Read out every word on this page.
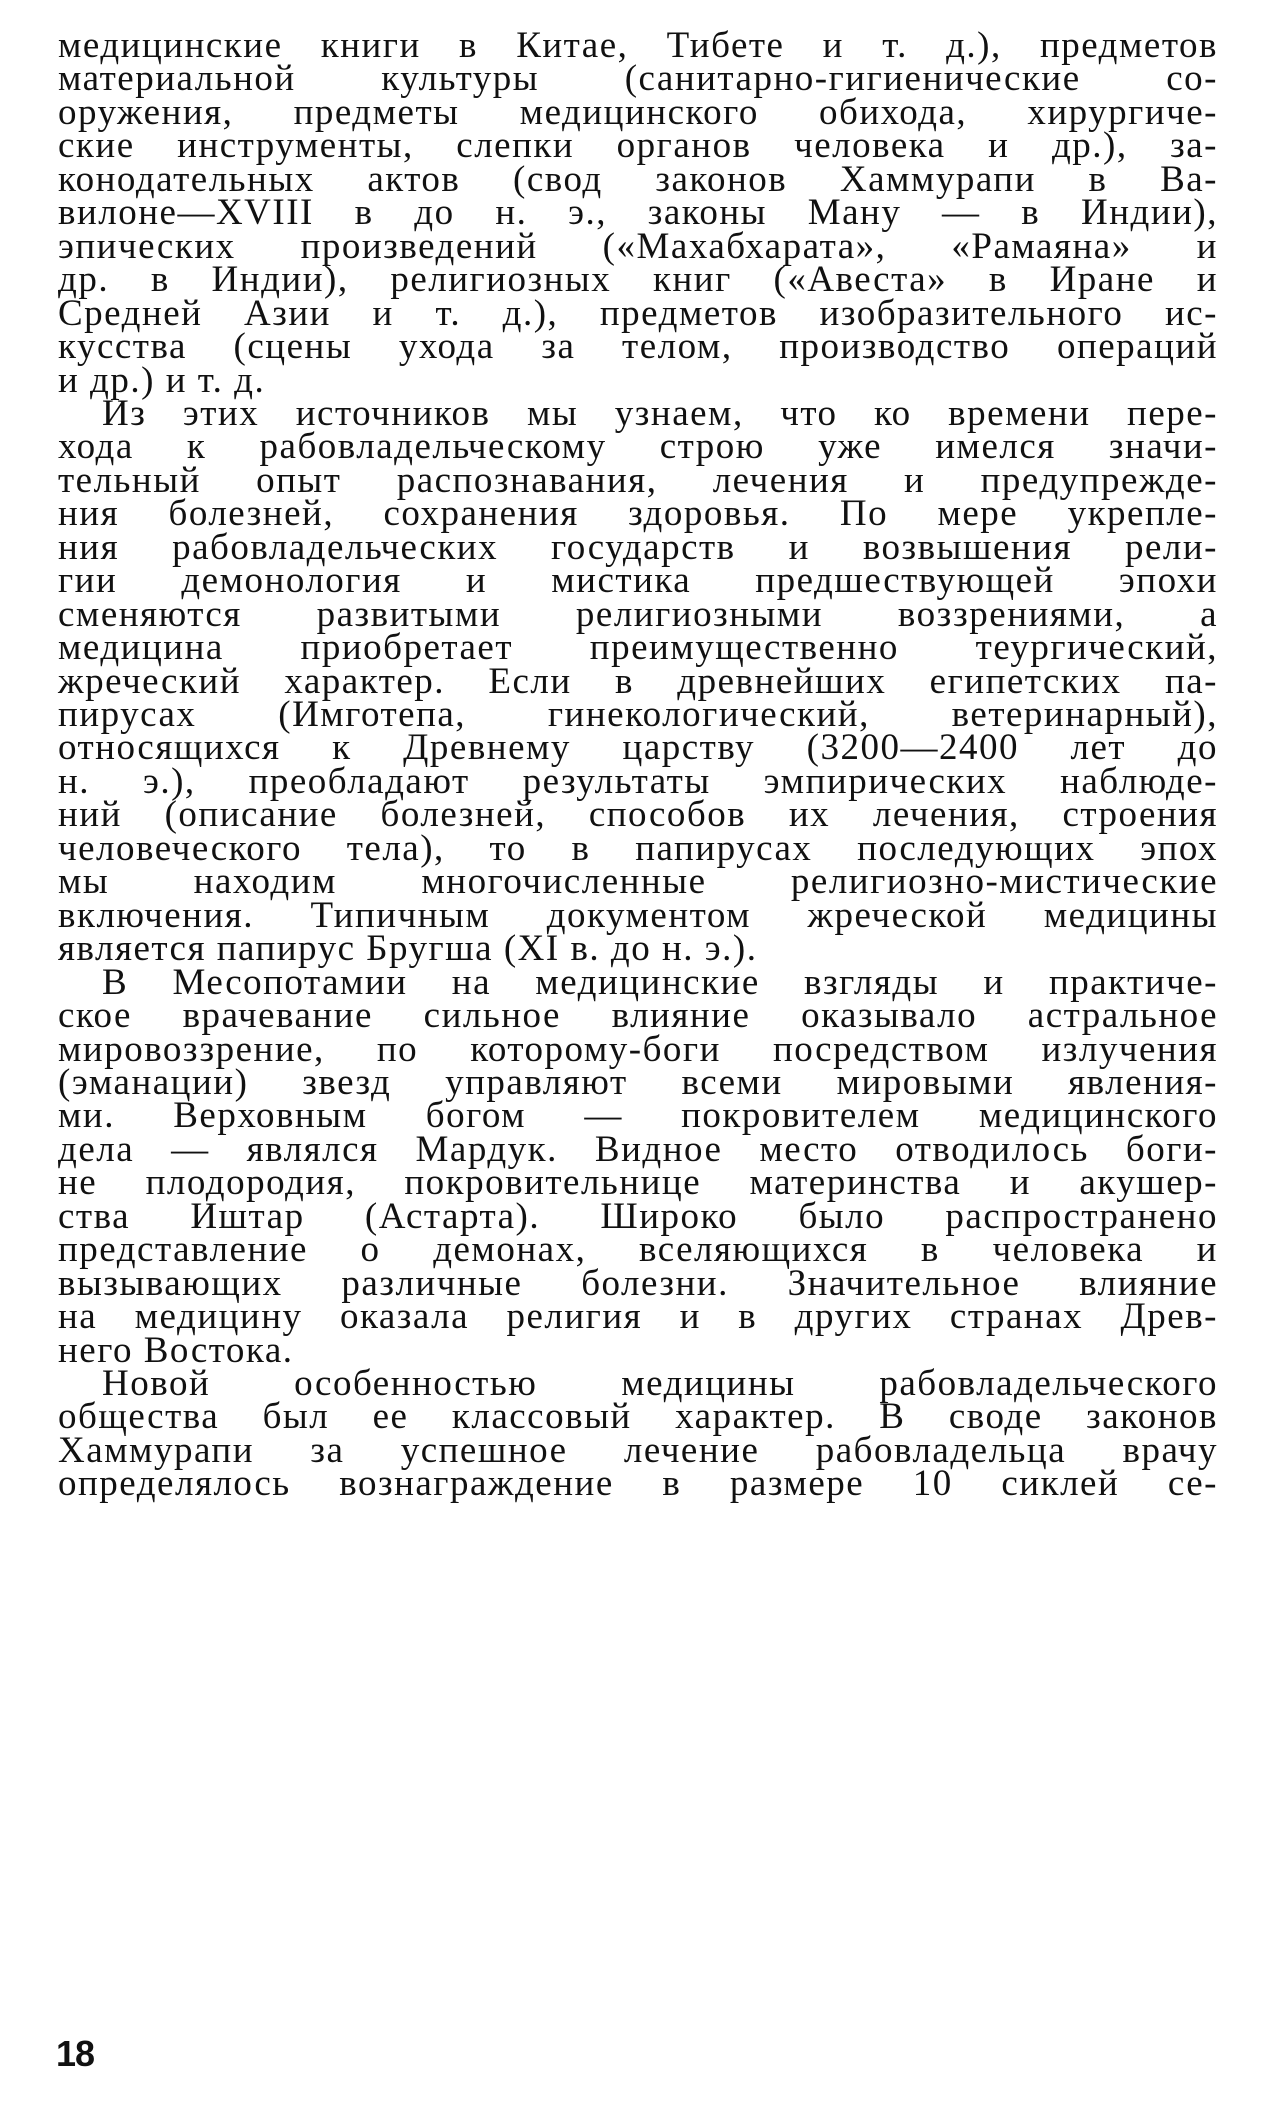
медицинские книги в Китае, Тибете и т. д.), предметов
материальной культуры (санитарно-гигиенические со-
оружения, предметы медицинского обихода, хирургиче-
ские инструменты, слепки органов человека и др.), за-
конодательных актов (свод законов Хаммурапи в Ва-
вилоне—XVIII в до н. э., законы Ману — в Индии),
эпических произведений («Махабхарата», «Рамаяна» и
др. в Индии), религиозных книг («Авеста» в Иране и
Средней Азии и т. д.), предметов изобразительного ис-
кусства (сцены ухода за телом, производство операций
и др.) и т. д.
Из этих источников мы узнаем, что ко времени пере-
хода к рабовладельческому строю уже имелся значи-
тельный опыт распознавания, лечения и предупрежде-
ния болезней, сохранения здоровья. По мере укрепле-
ния рабовладельческих государств и возвышения рели-
гии демонология и мистика предшествующей эпохи
сменяются развитыми религиозными воззрениями, а
медицина приобретает преимущественно теургический,
жреческий характер. Если в древнейших египетских па-
пирусах (Имготепа, гинекологический, ветеринарный),
относящихся к Древнему царству (3200—2400 лет до
н. э.), преобладают результаты эмпирических наблюде-
ний (описание болезней, способов их лечения, строения
человеческого тела), то в папирусах последующих эпох
мы находим многочисленные религиозно-мистические
включения. Типичным документом жреческой медицины
является папирус Бругша (XI в. до н. э.).
В Месопотамии на медицинские взгляды и практиче-
ское врачевание сильное влияние оказывало астральное
мировоззрение, по которому-боги посредством излучения
(эманации) звезд управляют всеми мировыми явления-
ми. Верховным богом — покровителем медицинского
дела — являлся Мардук. Видное место отводилось боги-
не плодородия, покровительнице материнства и акушер-
ства Иштар (Астарта). Широко было распространено
представление о демонах, вселяющихся в человека и
вызывающих различные болезни. Значительное влияние
на медицину оказала религия и в других странах Древ-
него Востока.
Новой особенностью медицины рабовладельческого
общества был ее классовый характер. В своде законов
Хаммурапи за успешное лечение рабовладельца врачу
определялось вознаграждение в размере 10 сиклей се-
18
